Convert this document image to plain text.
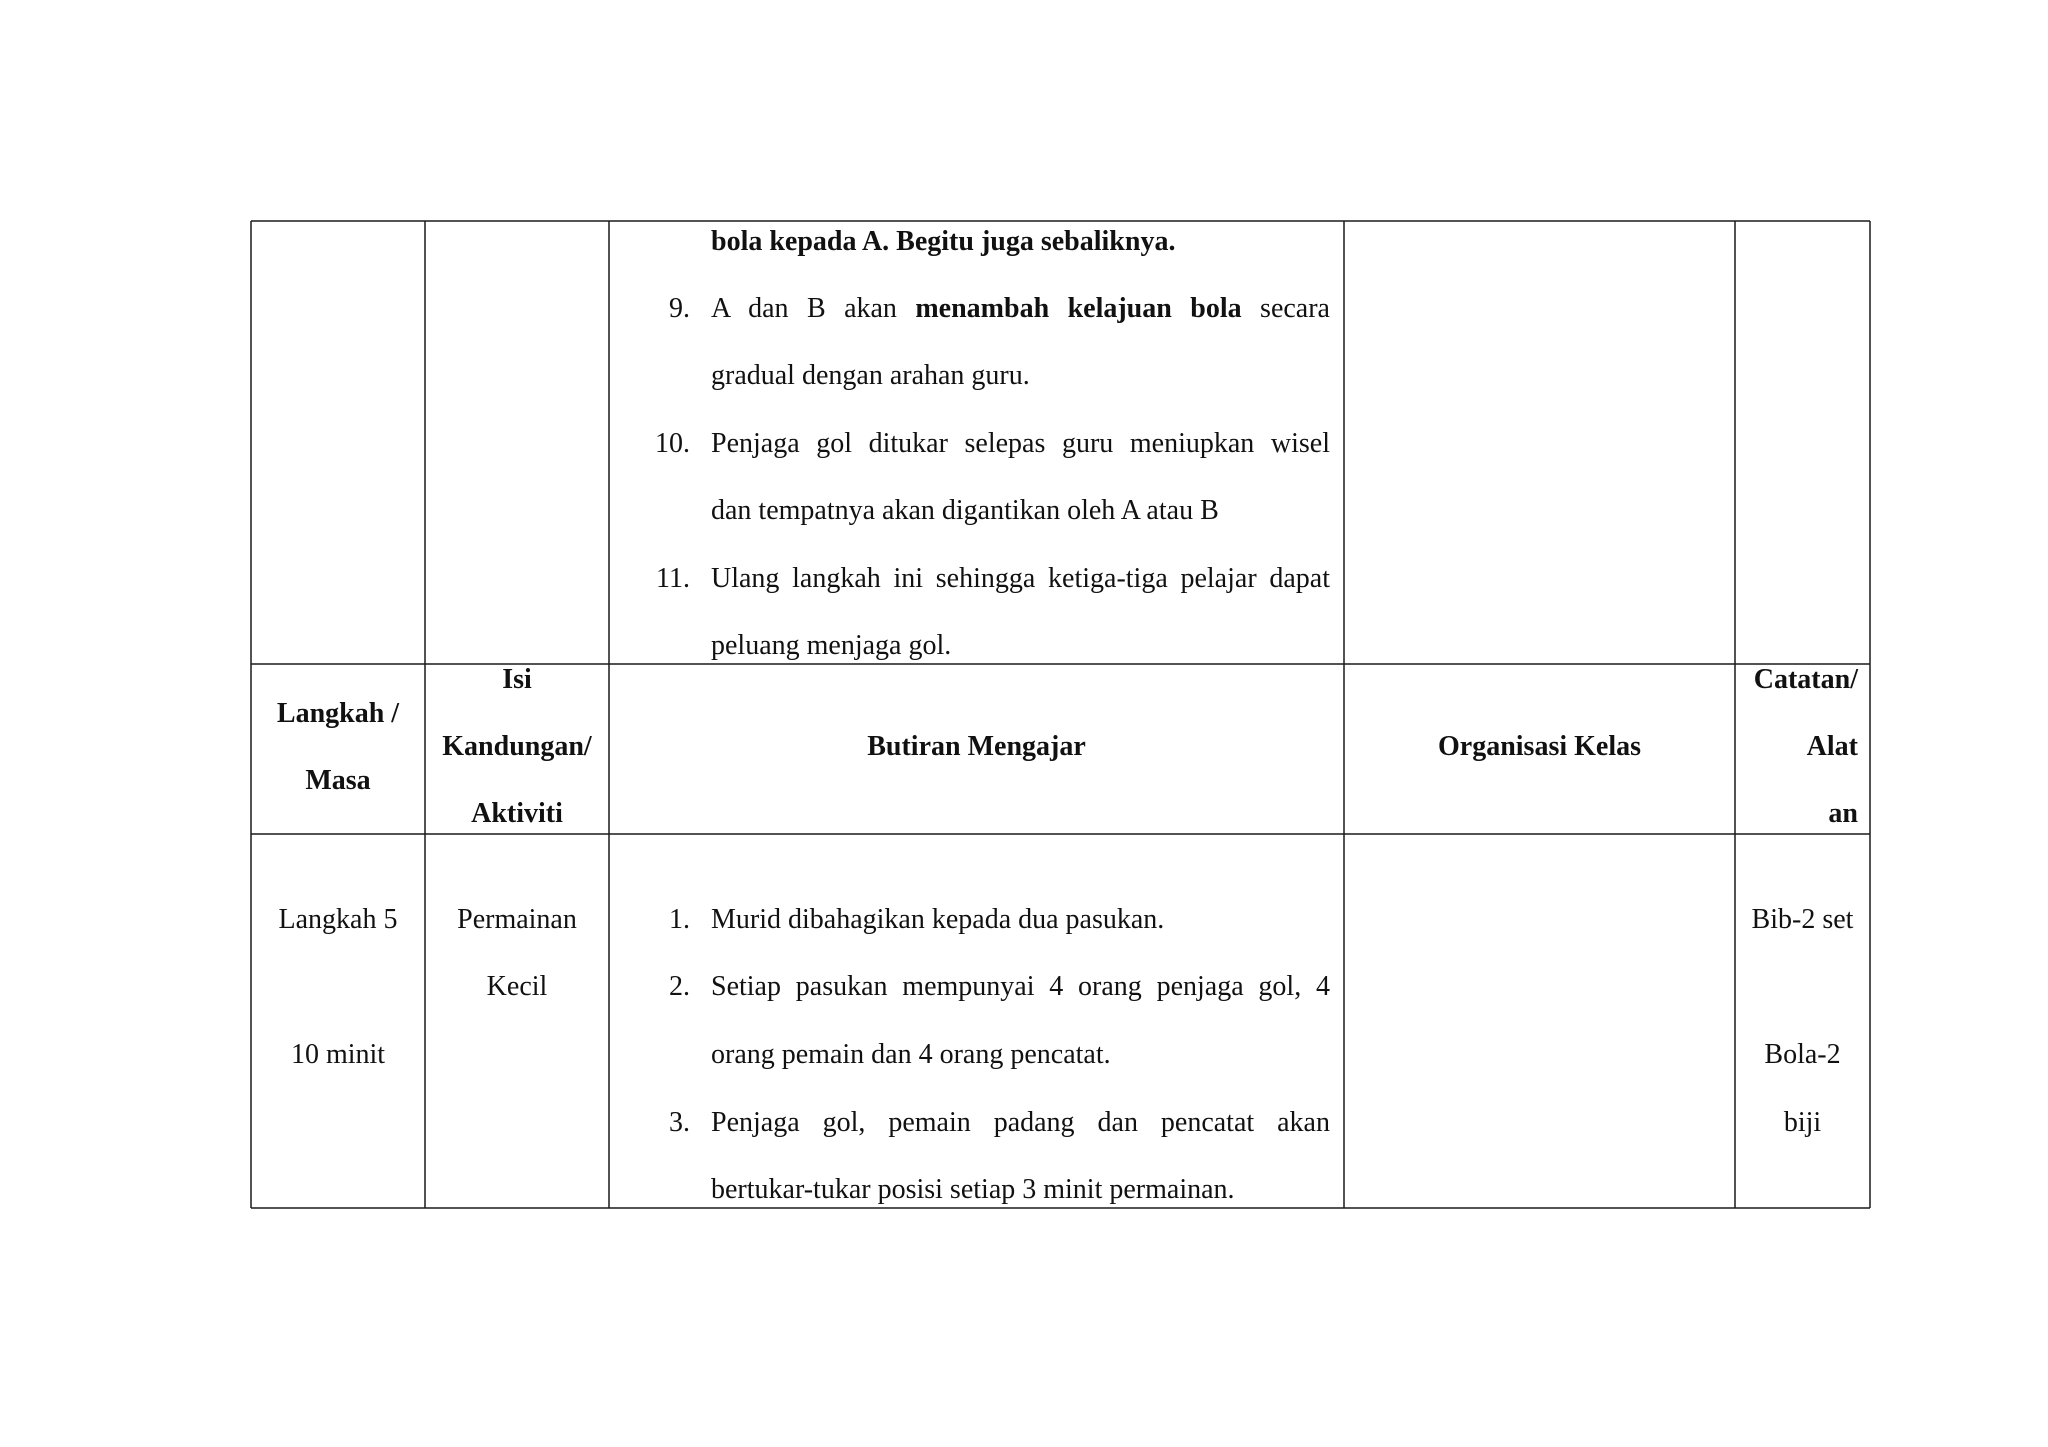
bola kepada A. Begitu juga sebaliknya.
9. A dan B akan menambah kelajuan bola secara
gradual dengan arahan guru.
10. Penjaga gol ditukar selepas guru meniupkan wisel
dan tempatnya akan digantikan oleh A atau B
11. Ulang langkah ini sehingga ketiga-tiga pelajar dapat
peluang menjaga gol.
Langkah /
Masa
Isi
Kandungan/
Aktiviti
Butiran Mengajar	Organisasi Kelas
Catatan/
Alat
an
Langkah 5
10 minit
Permainan
Kecil
1. Murid dibahagikan kepada dua pasukan.
2. Setiap pasukan mempunyai 4 orang penjaga gol, 4
orang pemain dan 4 orang pencatat.
3. Penjaga gol, pemain padang dan pencatat akan
bertukar-tukar posisi setiap 3 minit permainan.
Bib-2 set
Bola-2
biji
